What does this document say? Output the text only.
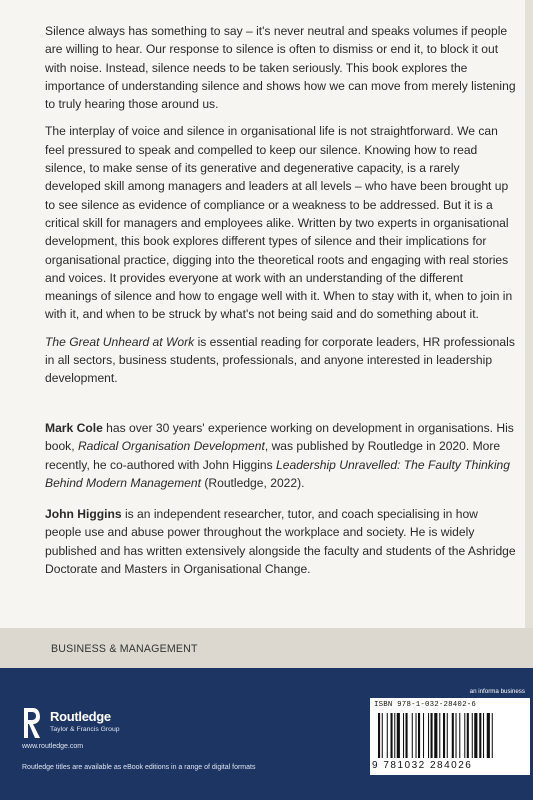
Silence always has something to say – it's never neutral and speaks volumes if people are willing to hear. Our response to silence is often to dismiss or end it, to block it out with noise. Instead, silence needs to be taken seriously. This book explores the importance of understanding silence and shows how we can move from merely listening to truly hearing those around us.

The interplay of voice and silence in organisational life is not straightforward. We can feel pressured to speak and compelled to keep our silence. Knowing how to read silence, to make sense of its generative and degenerative capacity, is a rarely developed skill among managers and leaders at all levels – who have been brought up to see silence as evidence of compliance or a weakness to be addressed. But it is a critical skill for managers and employees alike. Written by two experts in organisational development, this book explores different types of silence and their implications for organisational practice, digging into the theoretical roots and engaging with real stories and voices. It provides everyone at work with an understanding of the different meanings of silence and how to engage well with it. When to stay with it, when to join in with it, and when to be struck by what's not being said and do something about it.

The Great Unheard at Work is essential reading for corporate leaders, HR professionals in all sectors, business students, professionals, and anyone interested in leadership development.

Mark Cole has over 30 years' experience working on development in organisations. His book, Radical Organisation Development, was published by Routledge in 2020. More recently, he co-authored with John Higgins Leadership Unravelled: The Faulty Thinking Behind Modern Management (Routledge, 2022).

John Higgins is an independent researcher, tutor, and coach specialising in how people use and abuse power throughout the workplace and society. He is widely published and has written extensively alongside the faculty and students of the Ashridge Doctorate and Masters in Organisational Change.

BUSINESS & MANAGEMENT
Routledge
Taylor & Francis Group
www.routledge.com
Routledge titles are available as eBook editions in a range of digital formats
an informa business
ISBN 978-1-032-28402-6
9 781032 284026
